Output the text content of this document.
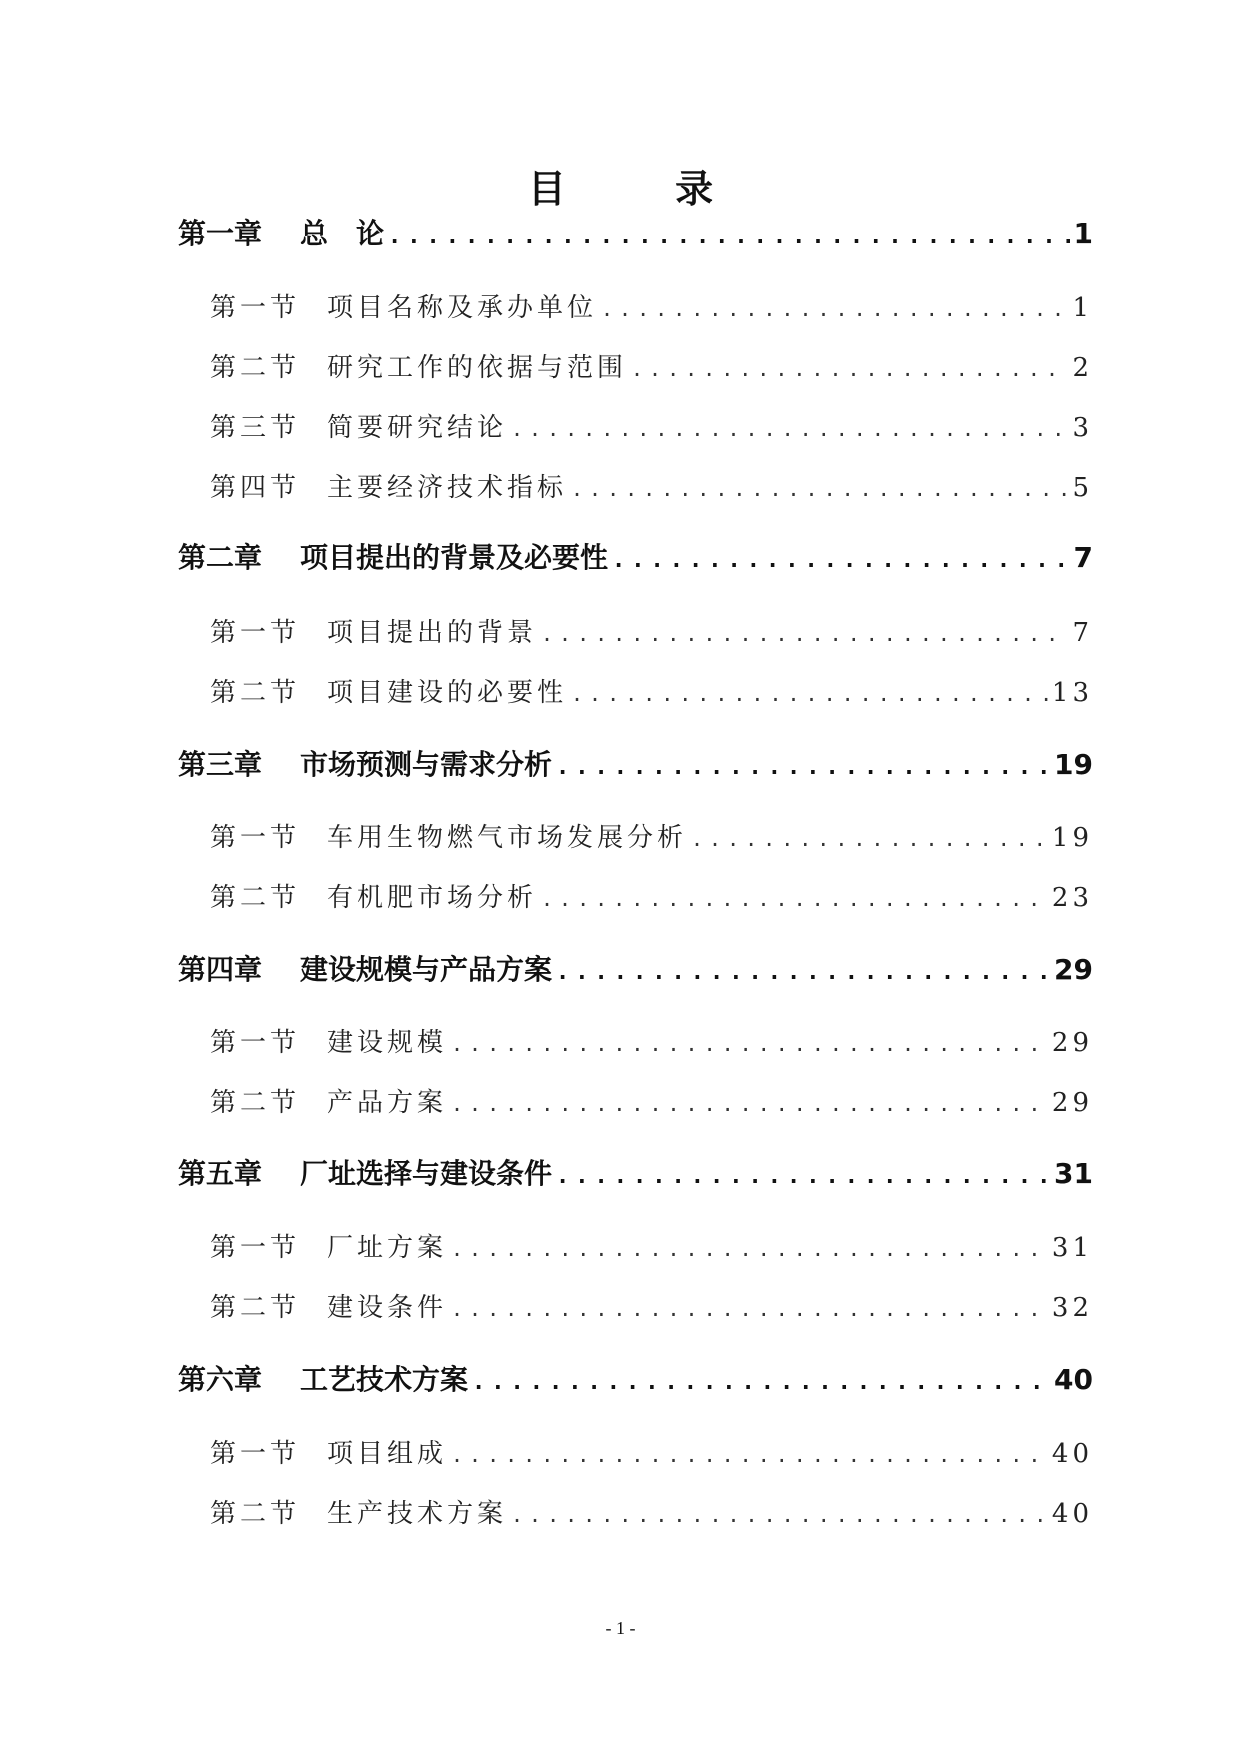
目 录
第一章 总　论 .....	1
第一节 项目名称及承办单位 .....	1
第二节 研究工作的依据与范围 .....	2
第三节 简要研究结论 .....	3
第四节 主要经济技术指标 .....	5
第二章 项目提出的背景及必要性 .....	7
第一节 项目提出的背景 .....	7
第二节 项目建设的必要性 .....	13
第三章 市场预测与需求分析 .....	19
第一节 车用生物燃气市场发展分析 .....	19
第二节 有机肥市场分析 .....	23
第四章 建设规模与产品方案 .....	29
第一节 建设规模 .....	29
第二节 产品方案 .....	29
第五章 厂址选择与建设条件 .....	31
第一节 厂址方案 .....	31
第二节 建设条件 .....	32
第六章 工艺技术方案 .....	40
第一节 项目组成 .....	40
第二节 生产技术方案 .....	40
- 1 -
